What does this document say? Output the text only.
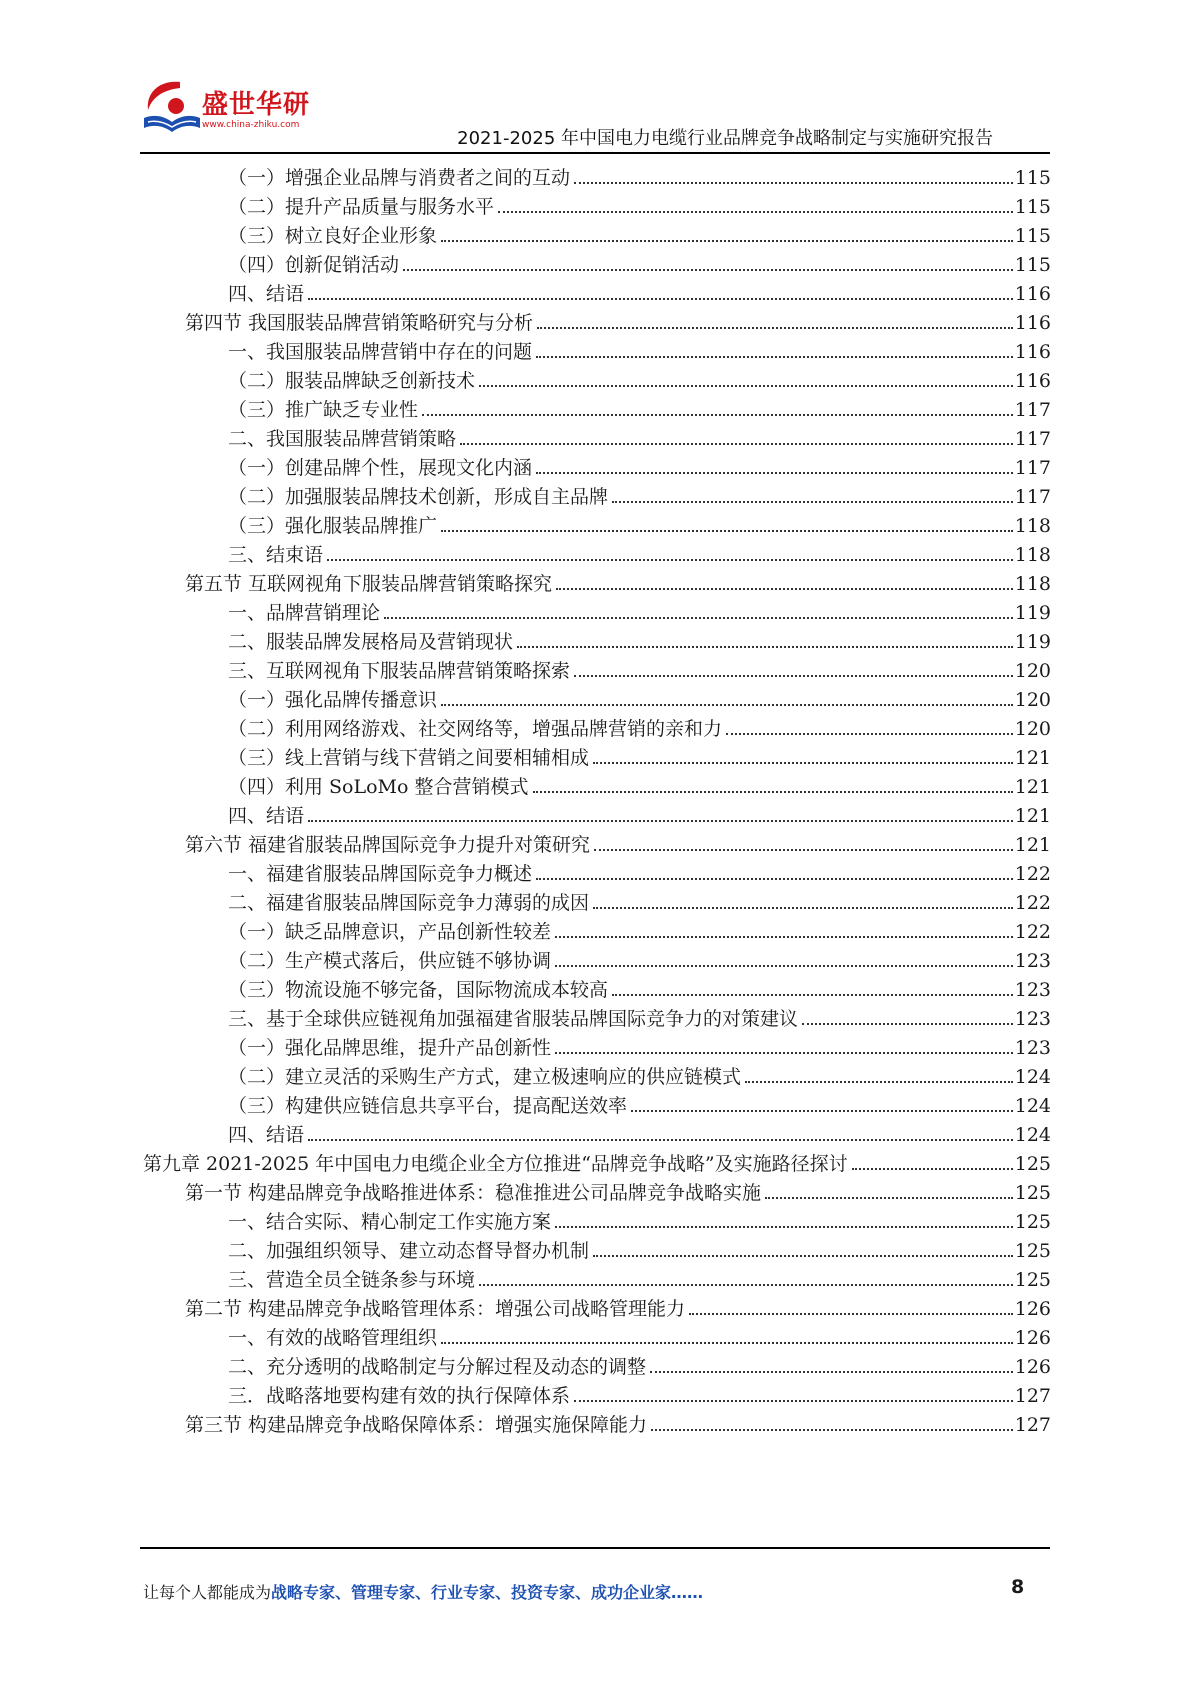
盛世华研
www.china-zhiku.com
2021-2025 年中国电力电缆行业品牌竞争战略制定与实施研究报告
（一）增强企业品牌与消费者之间的互动	115
（二）提升产品质量与服务水平	115
（三）树立良好企业形象	115
（四）创新促销活动	115
四、结语	116
第四节 我国服装品牌营销策略研究与分析	116
一、我国服装品牌营销中存在的问题	116
（二）服装品牌缺乏创新技术	116
（三）推广缺乏专业性	117
二、我国服装品牌营销策略	117
（一）创建品牌个性，展现文化内涵	117
（二）加强服装品牌技术创新，形成自主品牌	117
（三）强化服装品牌推广	118
三、结束语	118
第五节 互联网视角下服装品牌营销策略探究	118
一、品牌营销理论	119
二、服装品牌发展格局及营销现状	119
三、互联网视角下服装品牌营销策略探索	120
（一）强化品牌传播意识	120
（二）利用网络游戏、社交网络等，增强品牌营销的亲和力	120
（三）线上营销与线下营销之间要相辅相成	121
（四）利用 SoLoMo 整合营销模式	121
四、结语	121
第六节 福建省服装品牌国际竞争力提升对策研究	121
一、福建省服装品牌国际竞争力概述	122
二、福建省服装品牌国际竞争力薄弱的成因	122
（一）缺乏品牌意识，产品创新性较差	122
（二）生产模式落后，供应链不够协调	123
（三）物流设施不够完备，国际物流成本较高	123
三、基于全球供应链视角加强福建省服装品牌国际竞争力的对策建议	123
（一）强化品牌思维，提升产品创新性	123
（二）建立灵活的采购生产方式，建立极速响应的供应链模式	124
（三）构建供应链信息共享平台，提高配送效率	124
四、结语	124
第九章 2021-2025 年中国电力电缆企业全方位推进“品牌竞争战略”及实施路径探讨	125
第一节 构建品牌竞争战略推进体系：稳准推进公司品牌竞争战略实施	125
一、结合实际、精心制定工作实施方案	125
二、加强组织领导、建立动态督导督办机制	125
三、营造全员全链条参与环境	125
第二节 构建品牌竞争战略管理体系：增强公司战略管理能力	126
一、有效的战略管理组织	126
二、充分透明的战略制定与分解过程及动态的调整	126
三．战略落地要构建有效的执行保障体系	127
第三节 构建品牌竞争战略保障体系：增强实施保障能力	127
让每个人都能成为战略专家、管理专家、行业专家、投资专家、成功企业家……	8
